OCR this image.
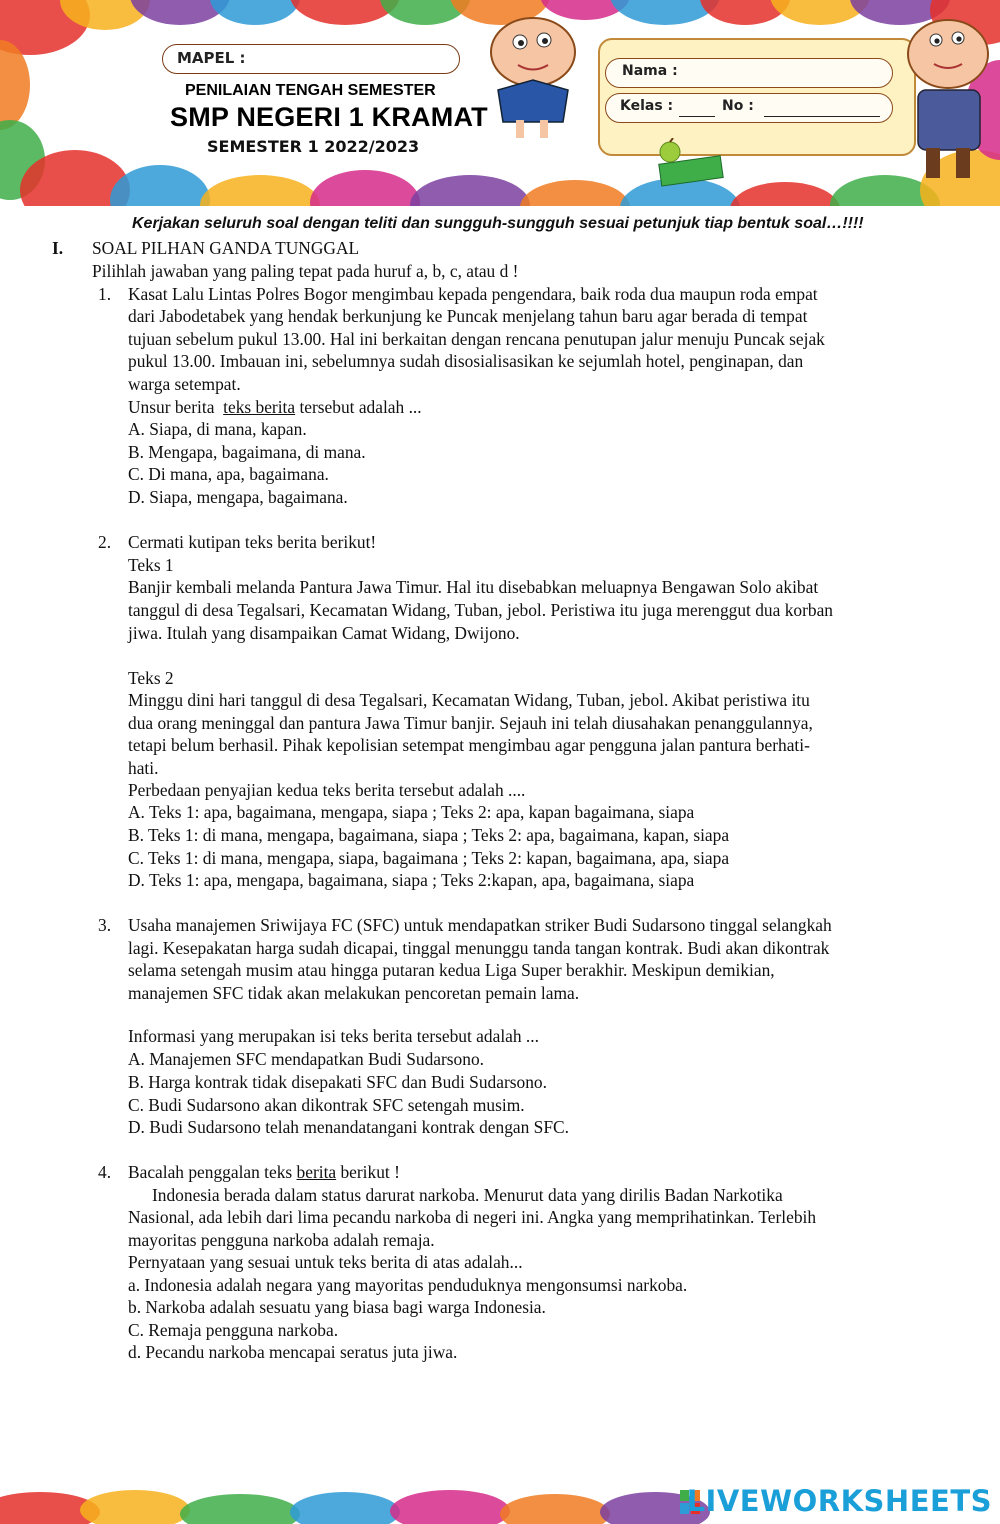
MAPEL :
PENILAIAN TENGAH SEMESTER
SMP NEGERI 1 KRAMAT
SEMESTER 1 2022/2023
Nama :
Kelas :	No :
Kerjakan seluruh soal dengan teliti dan sungguh-sungguh sesuai petunjuk tiap bentuk soal…!!!!
I. SOAL PILHAN GANDA TUNGGAL
Pilihlah jawaban yang paling tepat pada huruf a, b, c, atau d !
1. Kasat Lalu Lintas Polres Bogor mengimbau kepada pengendara, baik roda dua maupun roda empat
dari Jabodetabek yang hendak berkunjung ke Puncak menjelang tahun baru agar berada di tempat
tujuan sebelum pukul 13.00. Hal ini berkaitan dengan rencana penutupan jalur menuju Puncak sejak
pukul 13.00. Imbauan ini, sebelumnya sudah disosialisasikan ke sejumlah hotel, penginapan, dan
warga setempat.
Unsur berita  teks berita tersebut adalah ...
A. Siapa, di mana, kapan.
B. Mengapa, bagaimana, di mana.
C. Di mana, apa, bagaimana.
D. Siapa, mengapa, bagaimana.
2. Cermati kutipan teks berita berikut!
Teks 1
Banjir kembali melanda Pantura Jawa Timur. Hal itu disebabkan meluapnya Bengawan Solo akibat
tanggul di desa Tegalsari, Kecamatan Widang, Tuban, jebol. Peristiwa itu juga merenggut dua korban
jiwa. Itulah yang disampaikan Camat Widang, Dwijono.
Teks 2
Minggu dini hari tanggul di desa Tegalsari, Kecamatan Widang, Tuban, jebol. Akibat peristiwa itu
dua orang meninggal dan pantura Jawa Timur banjir. Sejauh ini telah diusahakan penanggulannya,
tetapi belum berhasil. Pihak kepolisian setempat mengimbau agar pengguna jalan pantura berhati-
hati.
Perbedaan penyajian kedua teks berita tersebut adalah ....
A. Teks 1: apa, bagaimana, mengapa, siapa ; Teks 2: apa, kapan bagaimana, siapa
B. Teks 1: di mana, mengapa, bagaimana, siapa ; Teks 2: apa, bagaimana, kapan, siapa
C. Teks 1: di mana, mengapa, siapa, bagaimana ; Teks 2: kapan, bagaimana, apa, siapa
D. Teks 1: apa, mengapa, bagaimana, siapa ; Teks 2:kapan, apa, bagaimana, siapa
3. Usaha manajemen Sriwijaya FC (SFC) untuk mendapatkan striker Budi Sudarsono tinggal selangkah
lagi. Kesepakatan harga sudah dicapai, tinggal menunggu tanda tangan kontrak. Budi akan dikontrak
selama setengah musim atau hingga putaran kedua Liga Super berakhir. Meskipun demikian,
manajemen SFC tidak akan melakukan pencoretan pemain lama.
Informasi yang merupakan isi teks berita tersebut adalah ...
A. Manajemen SFC mendapatkan Budi Sudarsono.
B. Harga kontrak tidak disepakati SFC dan Budi Sudarsono.
C. Budi Sudarsono akan dikontrak SFC setengah musim.
D. Budi Sudarsono telah menandatangani kontrak dengan SFC.
4. Bacalah penggalan teks berita berikut !
Indonesia berada dalam status darurat narkoba. Menurut data yang dirilis Badan Narkotika
Nasional, ada lebih dari lima pecandu narkoba di negeri ini. Angka yang memprihatinkan. Terlebih
mayoritas pengguna narkoba adalah remaja.
Pernyataan yang sesuai untuk teks berita di atas adalah...
a. Indonesia adalah negara yang mayoritas penduduknya mengonsumsi narkoba.
b. Narkoba adalah sesuatu yang biasa bagi warga Indonesia.
C. Remaja pengguna narkoba.
d. Pecandu narkoba mencapai seratus juta jiwa.
LIVEWORKSHEETS
